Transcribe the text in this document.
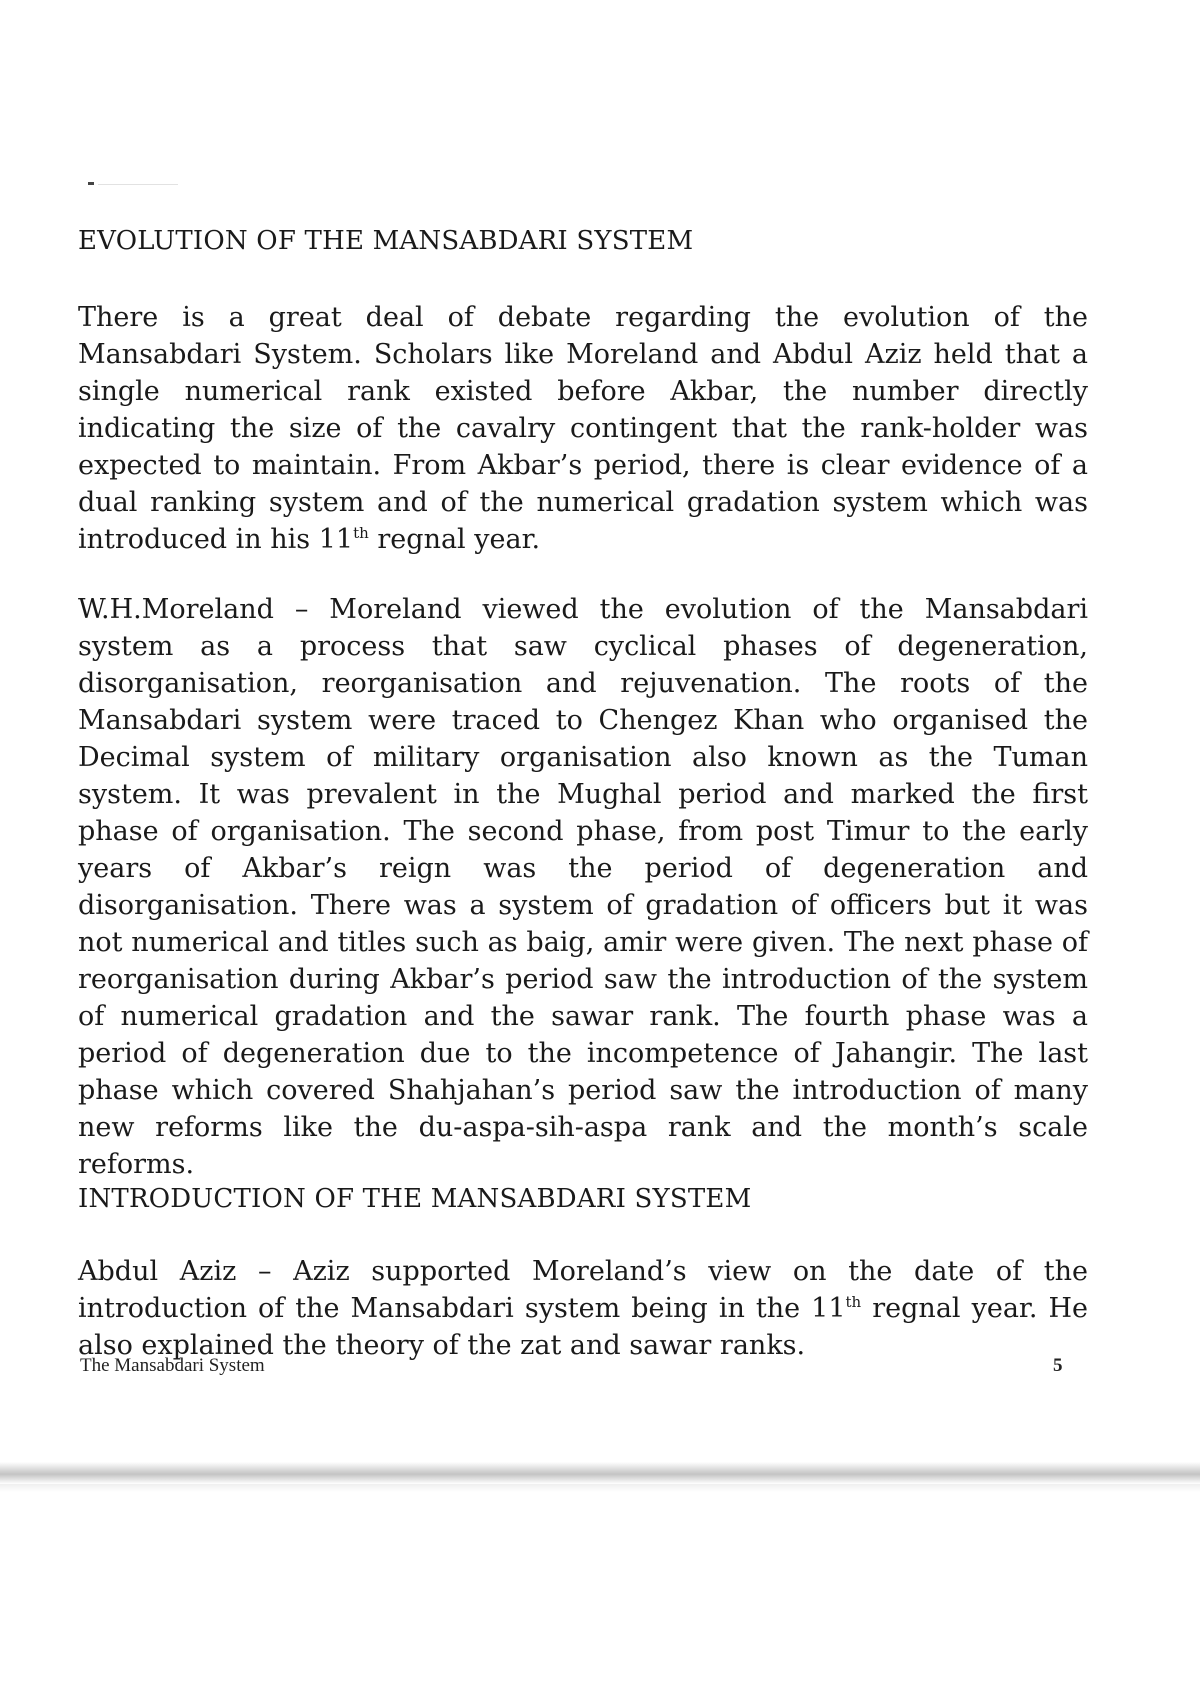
EVOLUTION OF THE MANSABDARI SYSTEM

There is a great deal of debate regarding the evolution of the Mansabdari System. Scholars like Moreland and Abdul Aziz held that a single numerical rank existed before Akbar, the number directly indicating the size of the cavalry contingent that the rank-holder was expected to maintain. From Akbar’s period, there is clear evidence of a dual ranking system and of the numerical gradation system which was introduced in his 11th regnal year.

W.H.Moreland – Moreland viewed the evolution of the Mansabdari system as a process that saw cyclical phases of degeneration, disorganisation, reorganisation and rejuvenation. The roots of the Mansabdari system were traced to Chengez Khan who organised the Decimal system of military organisation also known as the Tuman system. It was prevalent in the Mughal period and marked the first phase of organisation. The second phase, from post Timur to the early years of Akbar’s reign was the period of degeneration and disorganisation. There was a system of gradation of officers but it was not numerical and titles such as baig, amir were given. The next phase of reorganisation during Akbar’s period saw the introduction of the system of numerical gradation and the sawar rank. The fourth phase was a period of degeneration due to the incompetence of Jahangir. The last phase which covered Shahjahan’s period saw the introduction of many new reforms like the du-aspa-sih-aspa rank and the month’s scale reforms.

INTRODUCTION OF THE MANSABDARI SYSTEM

Abdul Aziz – Aziz supported Moreland’s view on the date of the introduction of the Mansabdari system being in the 11th regnal year. He also explained the theory of the zat and sawar ranks.

The Mansabdari System	5
